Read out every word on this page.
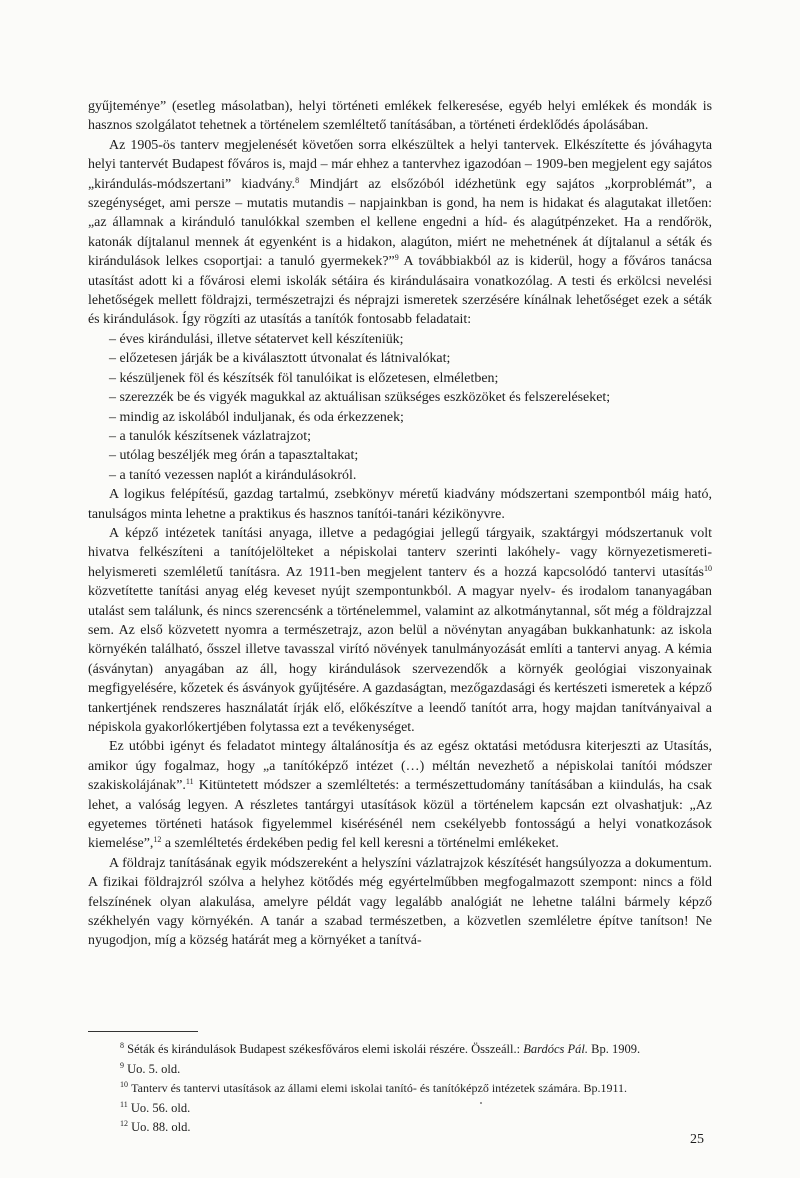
gyűjteménye” (esetleg másolatban), helyi történeti emlékek felkeresése, egyéb helyi emlékek és mondák is hasznos szolgálatot tehetnek a történelem szemléltető tanításában, a történeti érdeklődés ápolásában.

Az 1905-ös tanterv megjelenését követően sorra elkészültek a helyi tantervek. Elkészítette és jóváhagyta helyi tantervét Budapest főváros is, majd – már ehhez a tantervhez igazodóan – 1909-ben megjelent egy sajátos „kirándulás-módszertani” kiadvány.$^8$ Mindjárt az elsőzóból idézhetünk egy sajátos „korproblémát”, a szegénységet, ami persze – mutatis mutandis – napjainkban is gond, ha nem is hidakat és alagutakat illetően: „az államnak a kiránduló tanulókkal szemben el kellene engedni a híd- és alagútpénzeket. Ha a rendőrök, katonák díjtalanul mennek át egyenként is a hidakon, alagúton, miért ne mehetnének át díjtalanul a séták és kirándulások lelkes csoportjai: a tanuló gyermekek?”$^9$ A továbbiakból az is kiderül, hogy a főváros tanácsa utasítást adott ki a fővárosi elemi iskolák sétáira és kirándulásaira vonatkozólag. A testi és erkölcsi nevelési lehetőségek mellett földrajzi, természetrajzi és néprajzi ismeretek szerzésére kínálnak lehetőséget ezek a séták és kirándulások. Így rögzíti az utasítás a tanítók fontosabb feladatait:

– éves kirándulási, illetve sétatervet kell készíteniük;
– előzetesen járják be a kiválasztott útvonalat és látnivalókat;
– készüljenek föl és készítsék föl tanulóikat is előzetesen, elméletben;
– szerezzék be és vigyék magukkal az aktuálisan szükséges eszközöket és felszereléseket;
– mindig az iskolából induljanak, és oda érkezzenek;
– a tanulók készítsenek vázlatrajzot;
– utólag beszéljék meg órán a tapasztaltakat;
– a tanító vezessen naplót a kirándulásokról.

A logikus felépítésű, gazdag tartalmú, zsebkönyv méretű kiadvány módszertani szempontból máig ható, tanulságos minta lehetne a praktikus és hasznos tanítói-tanári kézikönyvre.

A képző intézetek tanítási anyaga, illetve a pedagógiai jellegű tárgyaik, szaktárgyi módszertanuk volt hivatva felkészíteni a tanítójelölteket a népiskolai tanterv szerinti lakóhely- vagy környezetismereti-helyismereti szemléletű tanításra. Az 1911-ben megjelent tanterv és a hozzá kapcsolódó tantervi utasítás$^{10}$ közvetítette tanítási anyag elég keveset nyújt szempontunkból. A magyar nyelv- és irodalom tananyagában utalást sem találunk, és nincs szerencsénk a történelemmel, valamint az alkotmánytannal, sőt még a földrajzzal sem. Az első közvetett nyomra a természetrajz, azon belül a növénytan anyagában bukkanhatunk: az iskola környékén található, ősszel illetve tavasszal virító növények tanulmányozását említi a tantervi anyag. A kémia (ásványtan) anyagában az áll, hogy kirándulások szervezendők a környék geológiai viszonyainak megfigyelésére, kőzetek és ásványok gyűjtésére. A gazdaságtan, mezőgazdasági és kertészeti ismeretek a képző tankertjének rendszeres használatát írják elő, előkészítve a leendő tanítót arra, hogy majdan tanítványaival a népiskola gyakorlókertjében folytassa ezt a tevékenységet.

Ez utóbbi igényt és feladatot mintegy általánosítja és az egész oktatási metódusra kiterjeszti az Utasítás, amikor úgy fogalmaz, hogy „a tanítóképző intézet (…) méltán nevezhető a népiskolai tanítói módszer szakiskolájának”.$^{11}$ Kitüntetett módszer a szemléltetés: a természettudomány tanításában a kiindulás, ha csak lehet, a valóság legyen. A részletes tantárgyi utasítások közül a történelem kapcsán ezt olvashatjuk: „Az egyetemes történeti hatások figyelemmel kisérésénél nem csekélyebb fontosságú a helyi vonatkozások kiemelése”,$^{12}$ a szemléltetés érdekében pedig fel kell keresni a történelmi emlékeket.

A földrajz tanításának egyik módszereként a helyszíni vázlatrajzok készítését hangsúlyozza a dokumentum. A fizikai földrajzról szólva a helyhez kötődés még egyértelműbben megfogalmazott szempont: nincs a föld felszínének olyan alakulása, amelyre példát vagy legalább analógiát ne lehetne találni bármely képző székhelyén vagy környékén. A tanár a szabad természetben, a közvetlen szemléletre építve tanítson! Ne nyugodjon, míg a község határát meg a környéket a tanítvá-

$^8$ Séták és kirándulások Budapest székesfőváros elemi iskolái részére. Összeáll.: Bardócs Pál. Bp. 1909.

$^9$ Uo. 5. old.

$^{10}$ Tanterv és tantervi utasítások az állami elemi iskolai tanító- és tanítóképző intézetek számára. Bp.1911.

$^{11}$ Uo. 56. old.

$^{12}$ Uo. 88. old.

25
